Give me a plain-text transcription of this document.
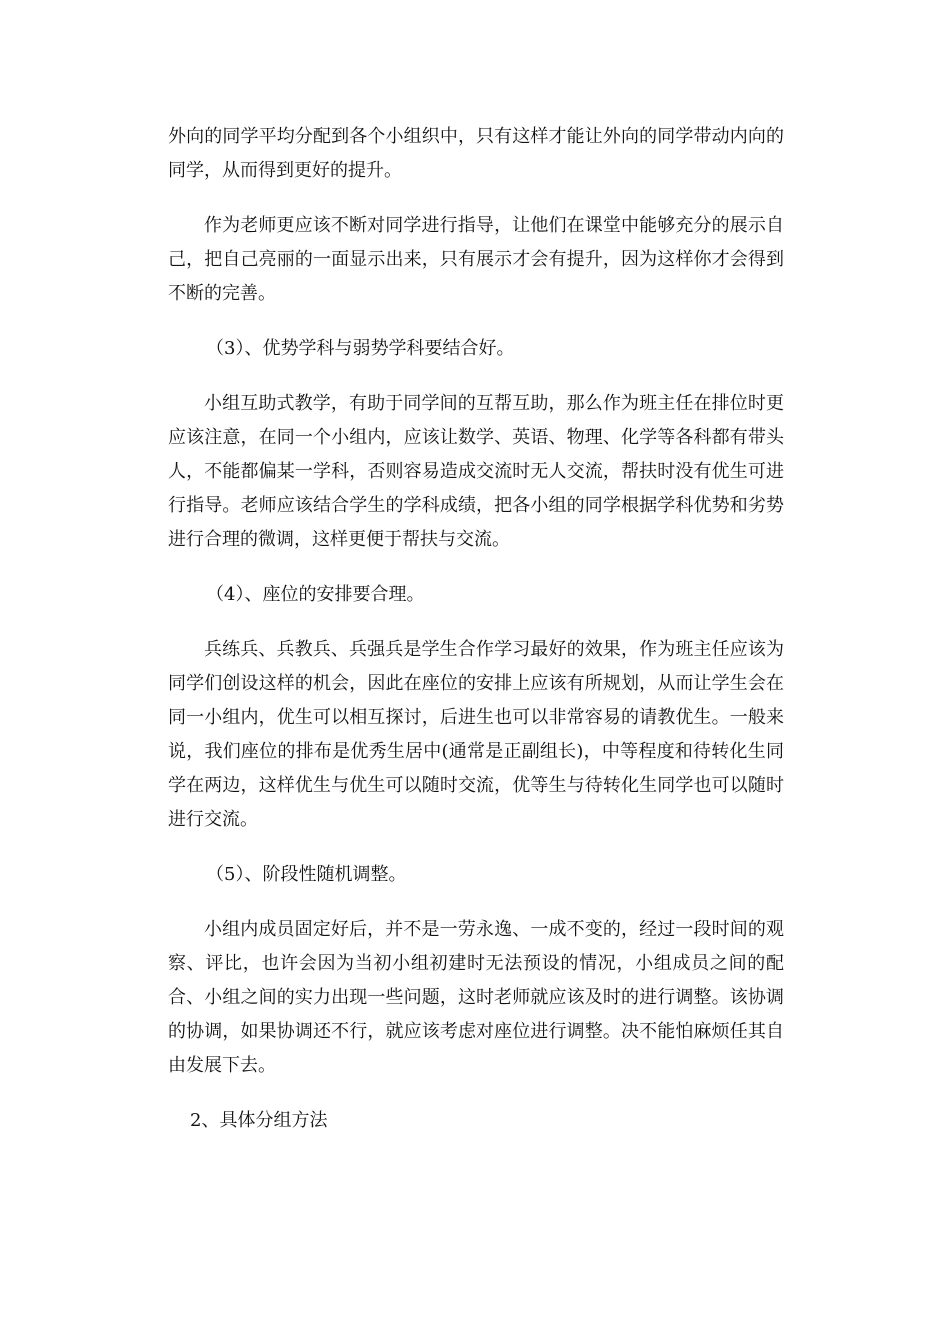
外向的同学平均分配到各个小组织中，只有这样才能让外向的同学带动内向的同学，从而得到更好的提升。

作为老师更应该不断对同学进行指导，让他们在课堂中能够充分的展示自己，把自己亮丽的一面显示出来，只有展示才会有提升，因为这样你才会得到不断的完善。

（3）、优势学科与弱势学科要结合好。

小组互助式教学，有助于同学间的互帮互助，那么作为班主任在排位时更应该注意，在同一个小组内，应该让数学、英语、物理、化学等各科都有带头人，不能都偏某一学科，否则容易造成交流时无人交流，帮扶时没有优生可进行指导。老师应该结合学生的学科成绩，把各小组的同学根据学科优势和劣势进行合理的微调，这样更便于帮扶与交流。

（4）、座位的安排要合理。

兵练兵、兵教兵、兵强兵是学生合作学习最好的效果，作为班主任应该为同学们创设这样的机会，因此在座位的安排上应该有所规划，从而让学生会在同一小组内，优生可以相互探讨，后进生也可以非常容易的请教优生。一般来说，我们座位的排布是优秀生居中(通常是正副组长)，中等程度和待转化生同学在两边，这样优生与优生可以随时交流，优等生与待转化生同学也可以随时进行交流。

（5）、阶段性随机调整。

小组内成员固定好后，并不是一劳永逸、一成不变的，经过一段时间的观察、评比，也许会因为当初小组初建时无法预设的情况，小组成员之间的配合、小组之间的实力出现一些问题，这时老师就应该及时的进行调整。该协调的协调，如果协调还不行，就应该考虑对座位进行调整。决不能怕麻烦任其自由发展下去。

2、具体分组方法
